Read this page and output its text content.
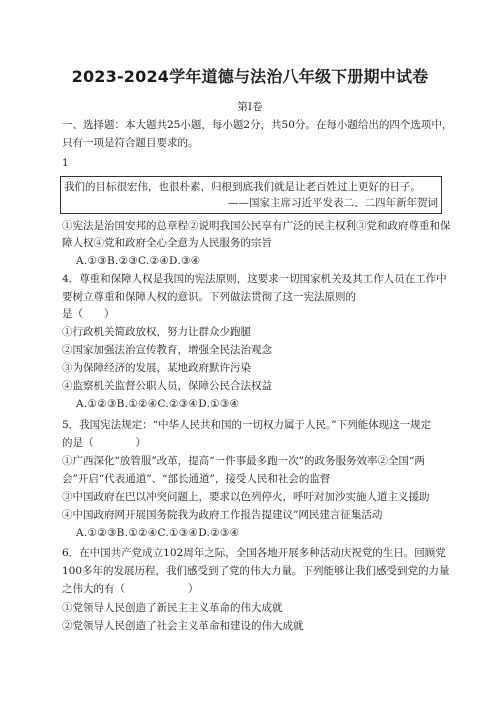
2023-2024学年道德与法治八年级下册期中试卷
第I卷
一、选择题：本大题共25小题，每小题2分，共50分。在每小题给出的四个选项中，
只有一项是符合题目要求的。
1
我们的目标很宏伟，也很朴素，归根到底我们就是让老百姓过上更好的日子。
——国家主席习近平发表二、二四年新年贺词
①宪法是治国安邦的总章程②说明我国公民享有广泛的民主权利③党和政府尊重和保
障人权④党和政府全心全意为人民服务的宗旨
A.①③B.②③C.②④D.③④
4．尊重和保障人权是我国的宪法原则，这要求一切国家机关及其工作人员在工作中
要树立尊重和保障人权的意识。下列做法贯彻了这一宪法原则的
是（　　）
①行政机关简政放权，努力让群众少跑腿
②国家加强法治宣传教育，增强全民法治观念
③为保障经济的发展，某地政府默许污染
④监察机关监督公职人员，保障公民合法权益
A.①②③B.①②④C.②③④D.①③④
5．我国宪法规定：“中华人民共和国的一切权力属于人民。”下列能体现这一规定
的是（　　　　）
①广西深化“放管服”改革，提高“一件事最多跑一次”的政务服务效率②全国“两
会”开启“代表通道”、“部长通道”，接受人民和社会的监督
③中国政府在巴以冲突问题上，要求以色列停火，呼吁对加沙实施人道主义援助
④中国政府网开展国务院我为政府工作报告提建议”网民建言征集活动
A.①②③B.①②④C.①③④D.②③④
6．在中国共产党成立102周年之际，全国各地开展多种活动庆祝党的生日。回顾党
100多年的发展历程，我们感受到了党的伟大力量。下列能够让我们感受到党的力量
之伟大的有（　　　　　　）
①党领导人民创造了新民主主义革命的伟大成就
②党领导人民创造了社会主义革命和建设的伟大成就
